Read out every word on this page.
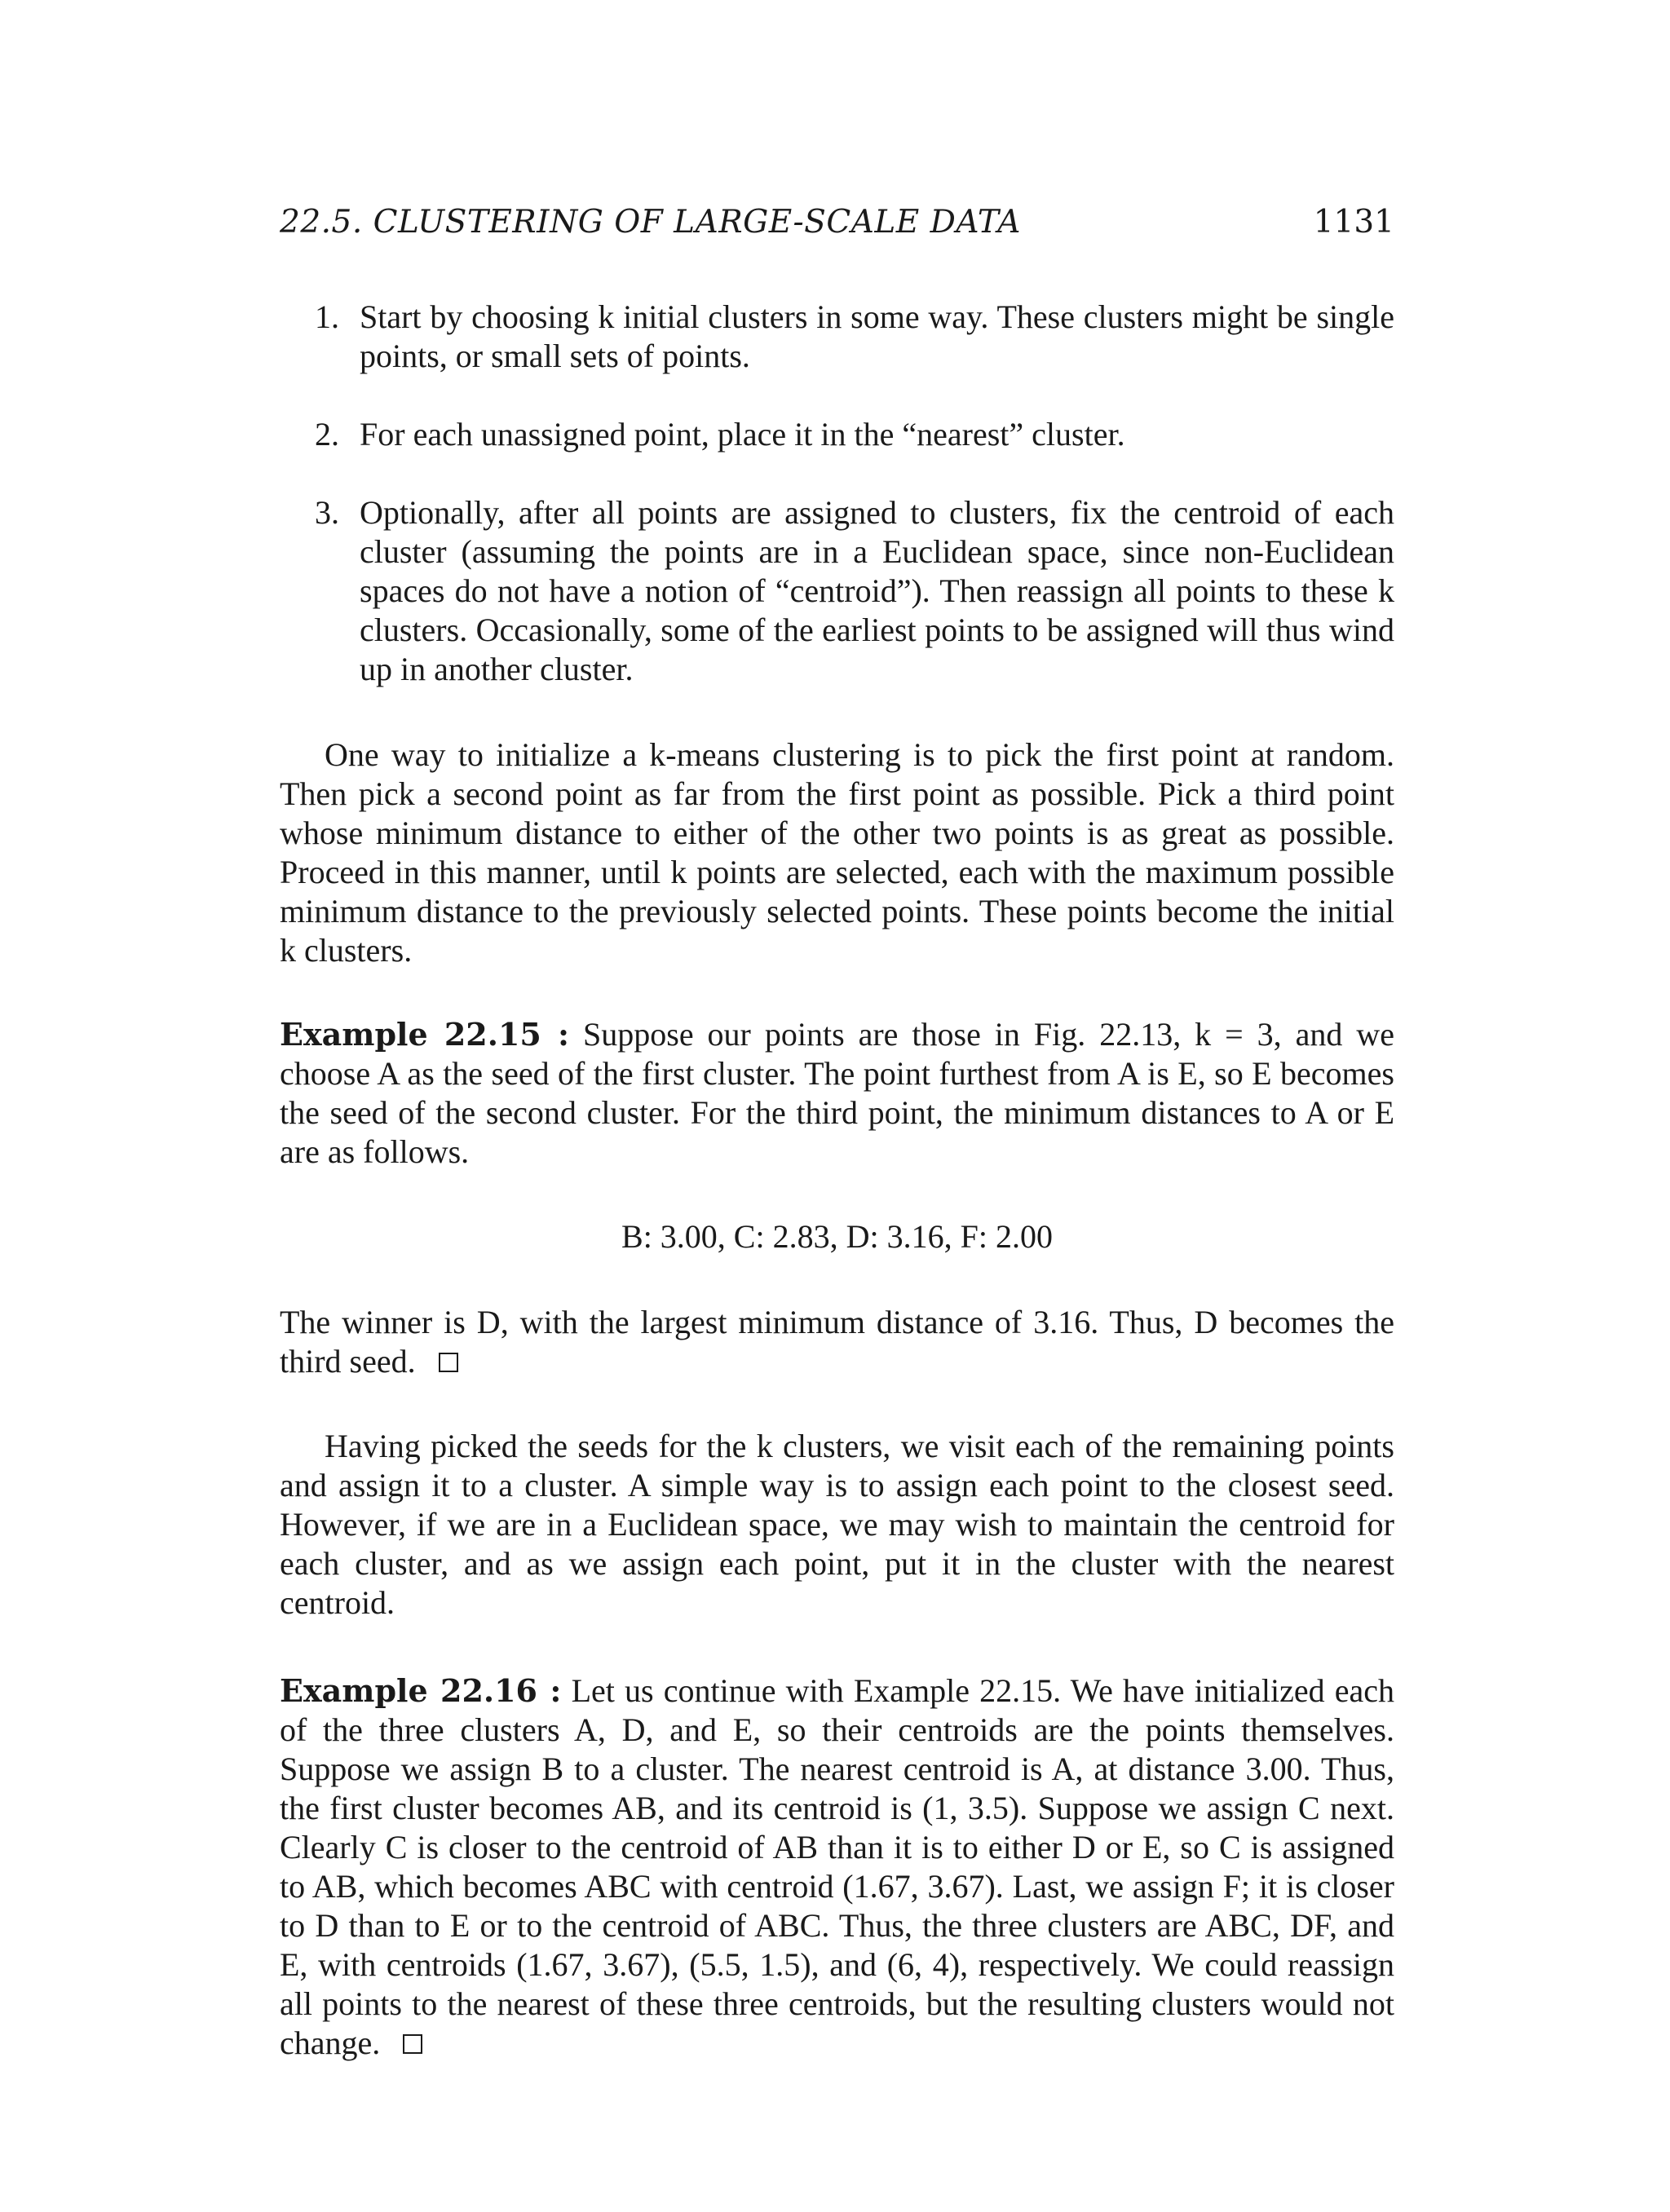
22.5. CLUSTERING OF LARGE-SCALE DATA	1131
1. Start by choosing k initial clusters in some way. These clusters might be single points, or small sets of points.
2. For each unassigned point, place it in the “nearest” cluster.
3. Optionally, after all points are assigned to clusters, fix the centroid of each cluster (assuming the points are in a Euclidean space, since non-Euclidean spaces do not have a notion of “centroid”). Then reassign all points to these k clusters. Occasionally, some of the earliest points to be assigned will thus wind up in another cluster.
One way to initialize a k-means clustering is to pick the first point at random. Then pick a second point as far from the first point as possible. Pick a third point whose minimum distance to either of the other two points is as great as possible. Proceed in this manner, until k points are selected, each with the maximum possible minimum distance to the previously selected points. These points become the initial k clusters.
Example 22.15 : Suppose our points are those in Fig. 22.13, k = 3, and we choose A as the seed of the first cluster. The point furthest from A is E, so E becomes the seed of the second cluster. For the third point, the minimum distances to A or E are as follows.
B: 3.00, C: 2.83, D: 3.16, F: 2.00
The winner is D, with the largest minimum distance of 3.16. Thus, D becomes the third seed.
Having picked the seeds for the k clusters, we visit each of the remaining points and assign it to a cluster. A simple way is to assign each point to the closest seed. However, if we are in a Euclidean space, we may wish to maintain the centroid for each cluster, and as we assign each point, put it in the cluster with the nearest centroid.
Example 22.16 : Let us continue with Example 22.15. We have initialized each of the three clusters A, D, and E, so their centroids are the points themselves. Suppose we assign B to a cluster. The nearest centroid is A, at distance 3.00. Thus, the first cluster becomes AB, and its centroid is (1, 3.5). Suppose we assign C next. Clearly C is closer to the centroid of AB than it is to either D or E, so C is assigned to AB, which becomes ABC with centroid (1.67, 3.67). Last, we assign F; it is closer to D than to E or to the centroid of ABC. Thus, the three clusters are ABC, DF, and E, with centroids (1.67, 3.67), (5.5, 1.5), and (6, 4), respectively. We could reassign all points to the nearest of these three centroids, but the resulting clusters would not change.
